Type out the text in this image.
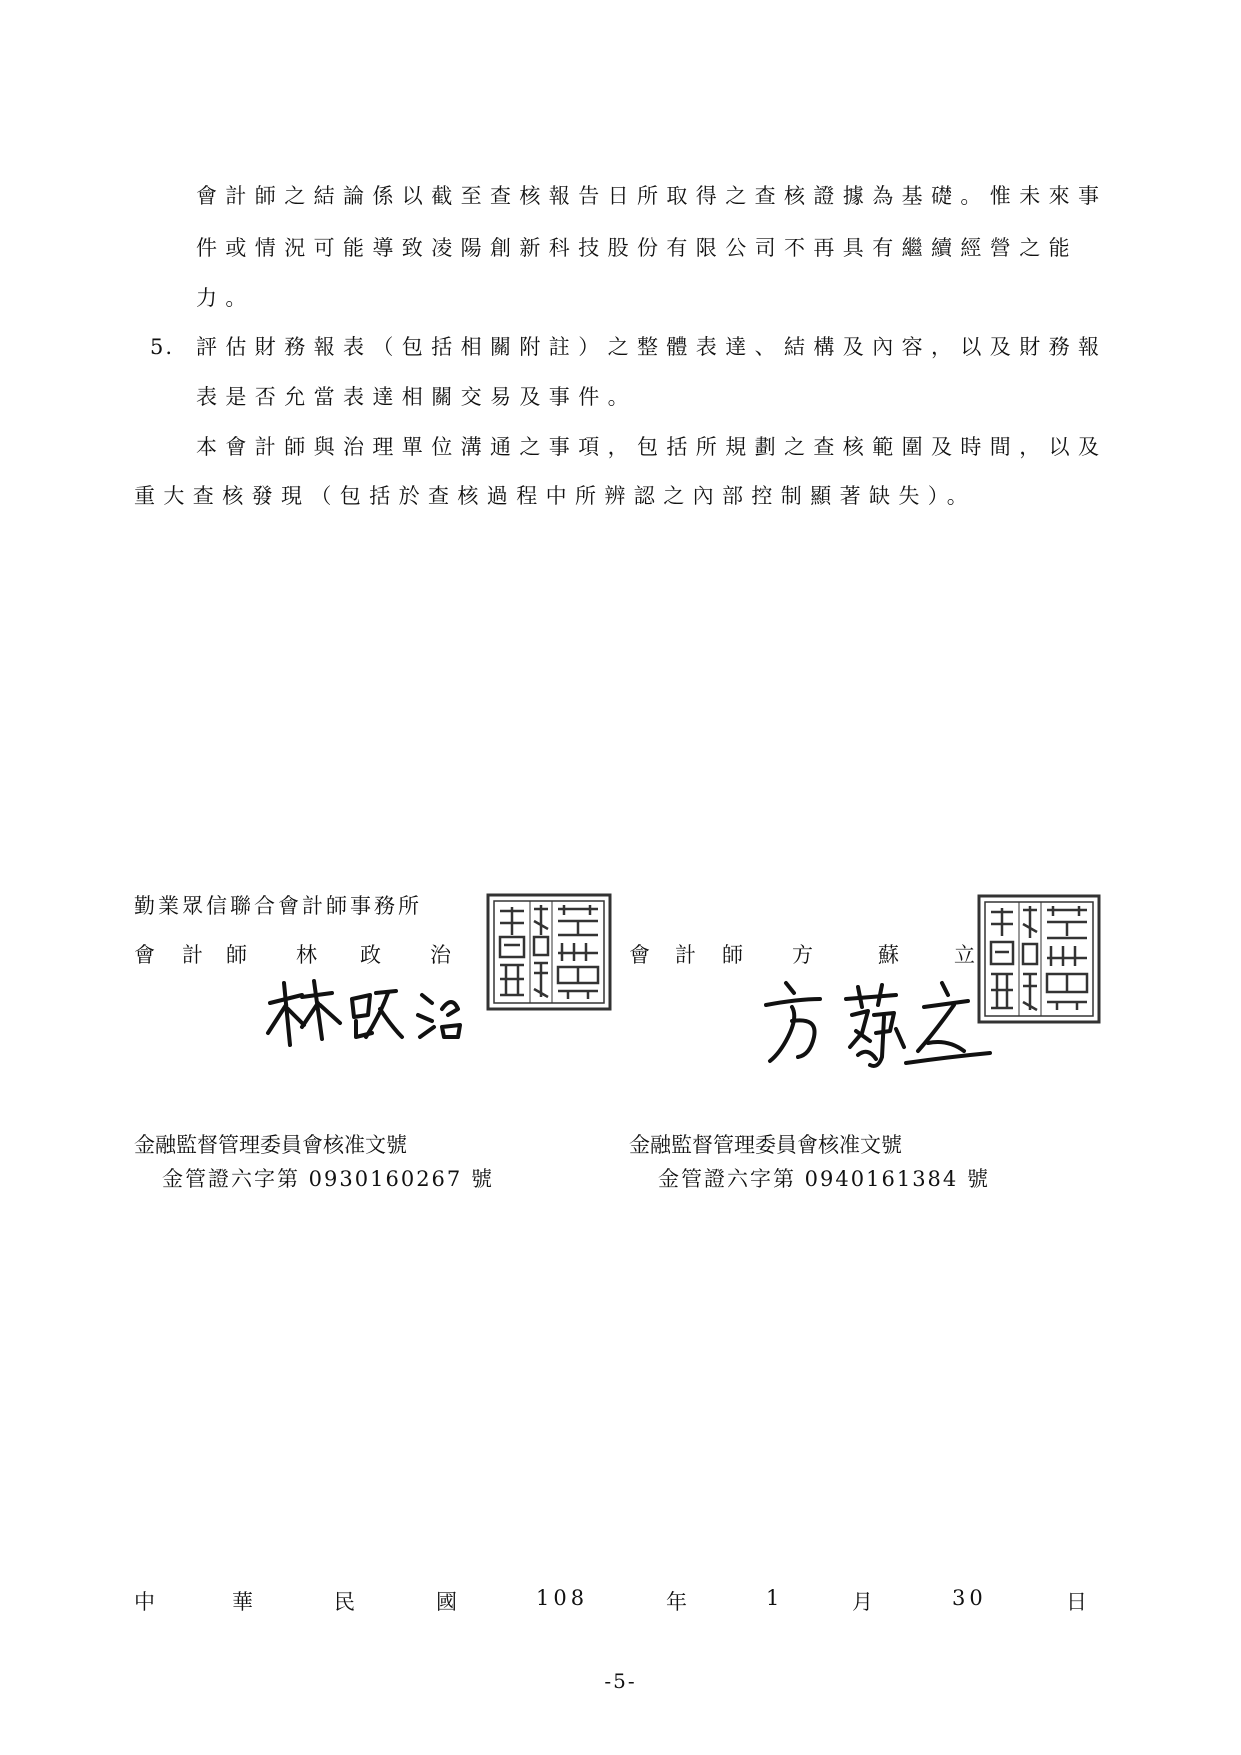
會計師之結論係以截至查核報告日所取得之查核證據為基礎。惟未來事
件或情況可能導致凌陽創新科技股份有限公司不再具有繼續經營之能
力。
5. 評估財務報表（包括相關附註）之整體表達、結構及內容，以及財務報
表是否允當表達相關交易及事件。
本會計師與治理單位溝通之事項，包括所規劃之查核範圍及時間，以及
重大查核發現（包括於查核過程中所辨認之內部控制顯著缺失）。
勤業眾信聯合會計師事務所
會 計 師 林 政 治	會 計 師 方	蘇	立
金融監督管理委員會核准文號
金管證六字第 0930160267 號
金融監督管理委員會核准文號
金管證六字第 0940161384 號
中	華	民	國	108	年	1	月	30	日
-5-
